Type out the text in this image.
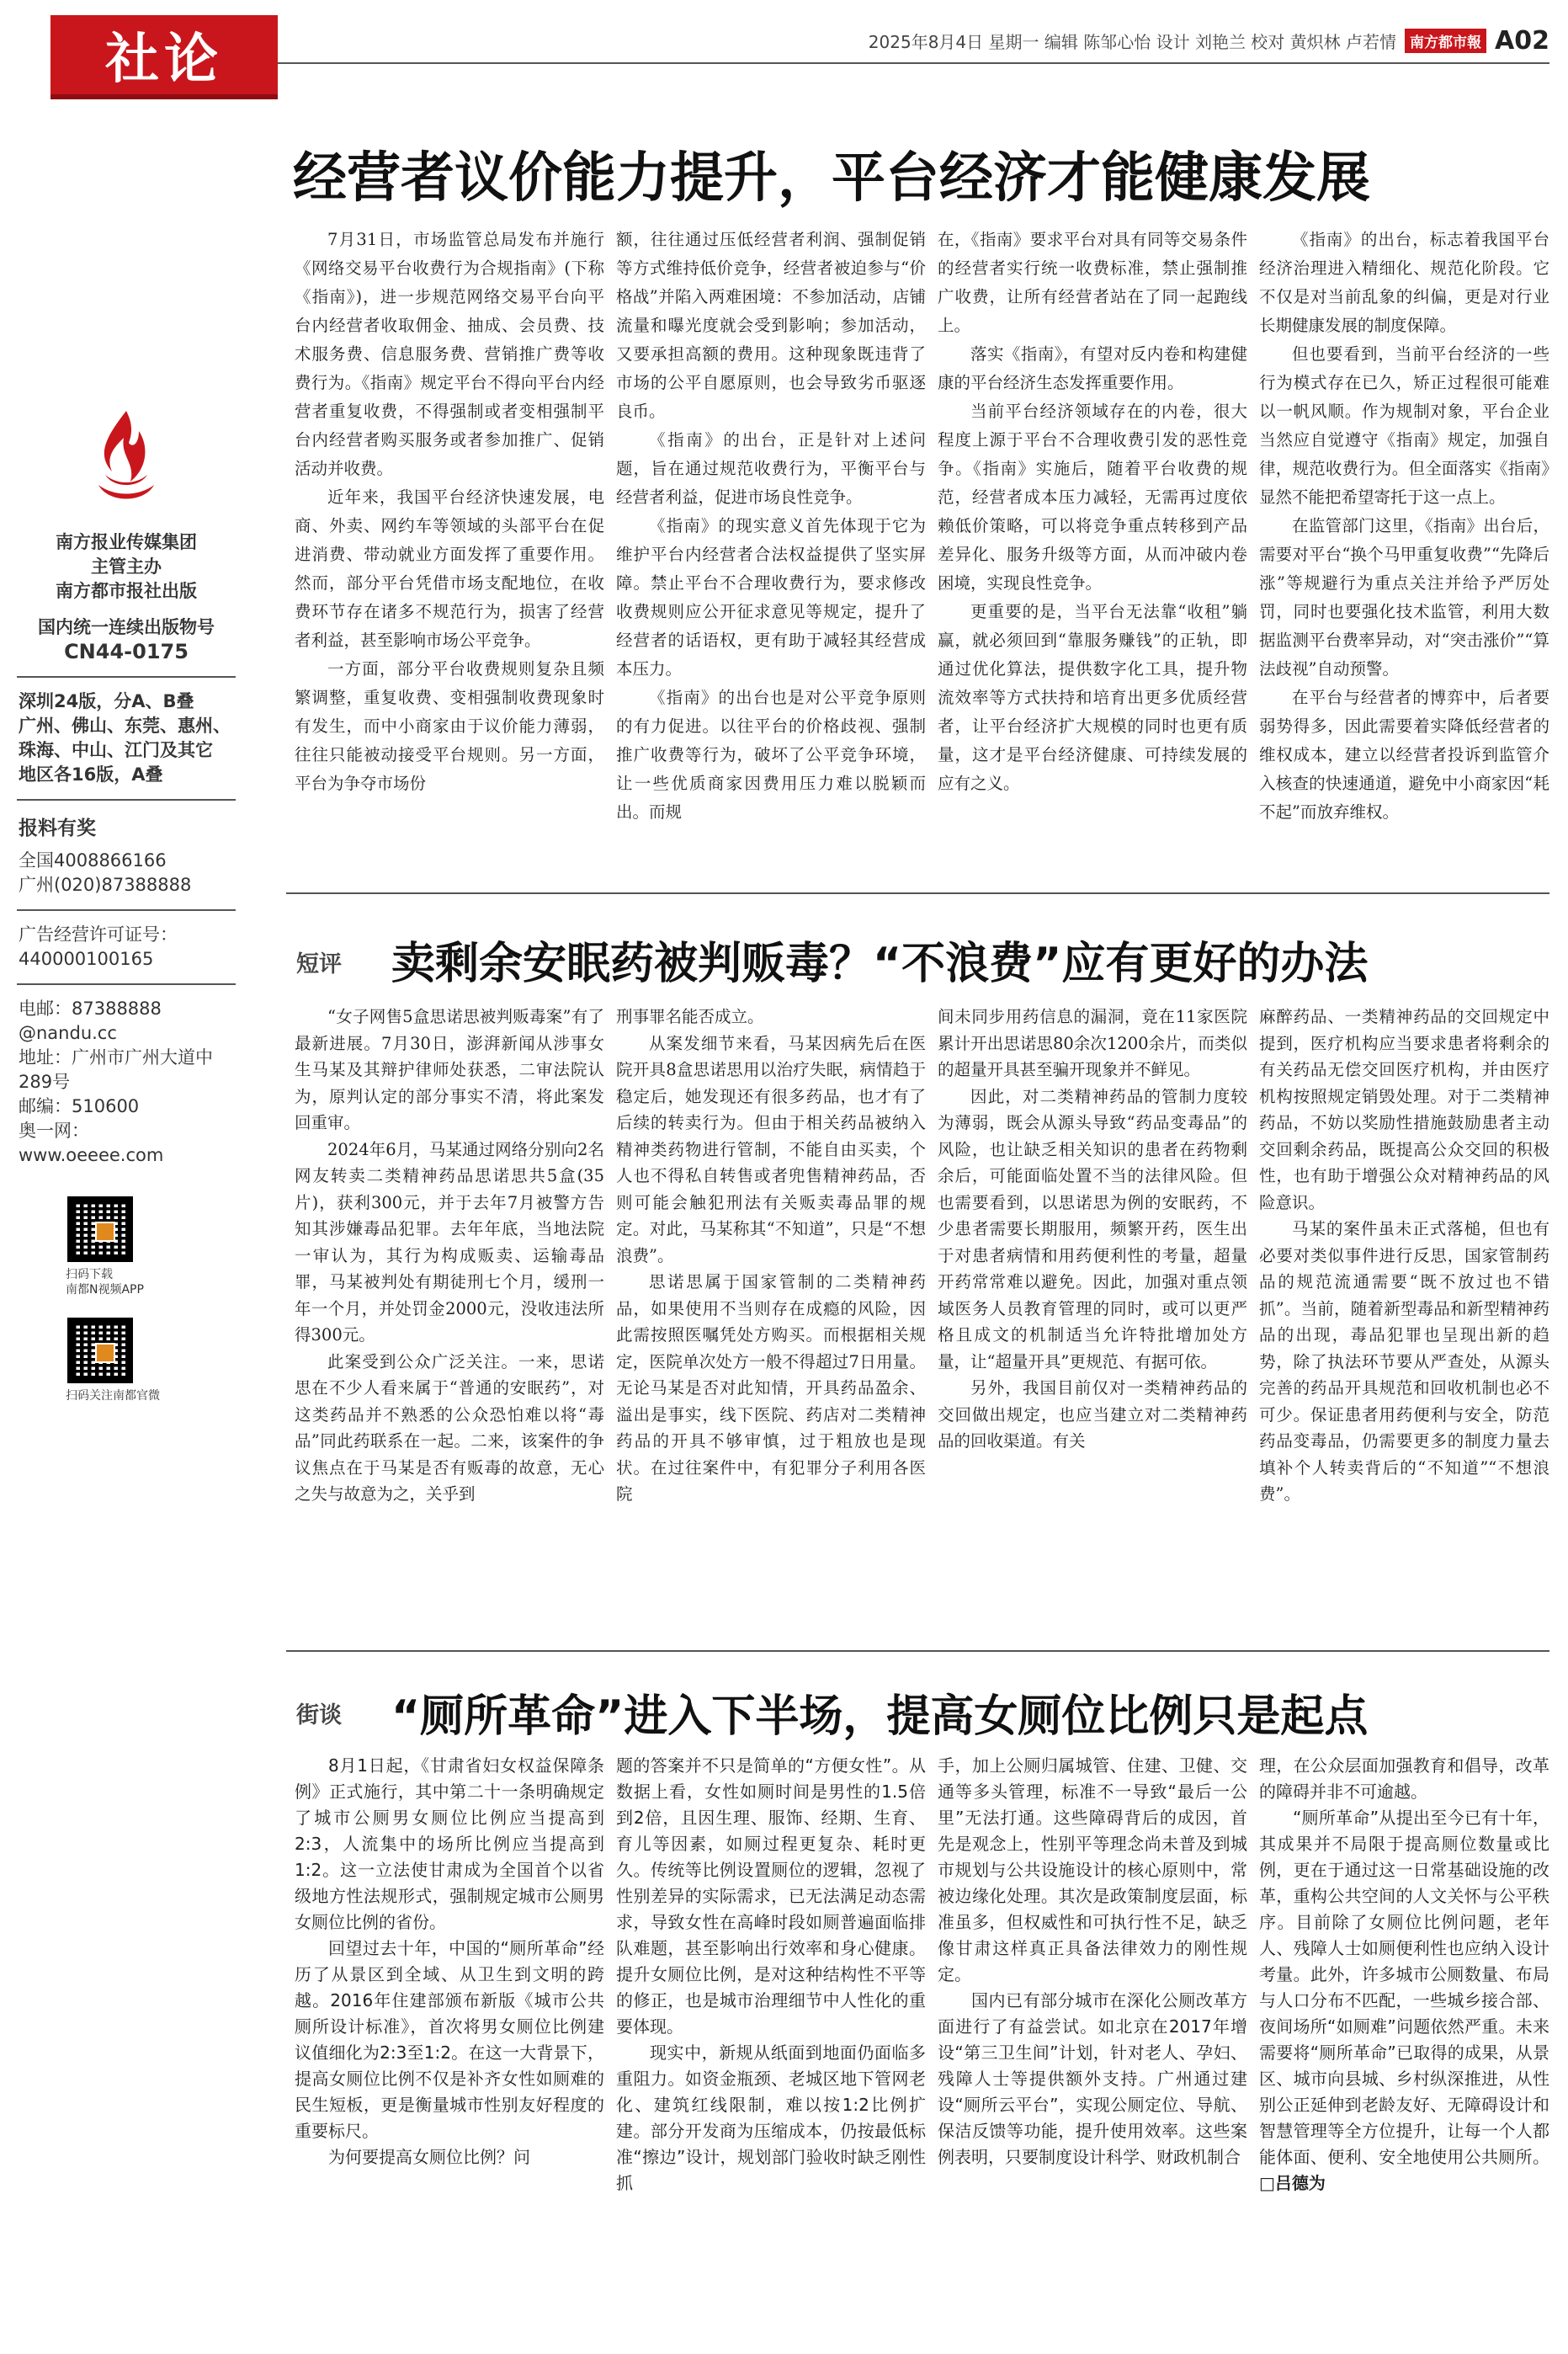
社论	2025年8月4日
星期一
编辑 陈邹心怡 设计 刘艳兰 校对 黄炽林 卢若情 南方都市報 A02
南方报业传媒集团
主管主办
南方都市报社出版
国内统一连续出版物号
CN44-0175
深圳24版，分A、B叠
广州、佛山、东莞、惠州、
珠海、中山、江门及其它
地区各16版，A叠
报料有奖
全国4008866166
广州(020)87388888
广告经营许可证号：
440000100165
电邮：87388888
@nandu.cc
地址：广州市广州大道中
289号
邮编：510600
奥一网：
www.oeeee.com
扫码下载
南都N视频APP
扫码关注南都官微
经营者议价能力提升，平台经济才能健康发展

7月31日，市场监管总局发布并施行《网络交易平台收费行为合规指南》(下称《指南》)，进一步规范网络交易平台向平台内经营者收取佣金、抽成、会员费、技术服务费、信息服务费、营销推广费等收费行为。《指南》规定平台不得向平台内经营者重复收费，不得强制或者变相强制平台内经营者购买服务或者参加推广、促销活动并收费。

近年来，我国平台经济快速发展，电商、外卖、网约车等领域的头部平台在促进消费、带动就业方面发挥了重要作用。然而，部分平台凭借市场支配地位，在收费环节存在诸多不规范行为，损害了经营者利益，甚至影响市场公平竞争。

一方面，部分平台收费规则复杂且频繁调整，重复收费、变相强制收费现象时有发生，而中小商家由于议价能力薄弱，往往只能被动接受平台规则。另一方面，平台为争夺市场份

额，往往通过压低经营者利润、强制促销等方式维持低价竞争，经营者被迫参与“价格战”并陷入两难困境：不参加活动，店铺流量和曝光度就会受到影响；参加活动，又要承担高额的费用。这种现象既违背了市场的公平自愿原则，也会导致劣币驱逐良币。

《指南》的出台，正是针对上述问题，旨在通过规范收费行为，平衡平台与经营者利益，促进市场良性竞争。

《指南》的现实意义首先体现于它为维护平台内经营者合法权益提供了坚实屏障。禁止平台不合理收费行为，要求修改收费规则应公开征求意见等规定，提升了经营者的话语权，更有助于减轻其经营成本压力。

《指南》的出台也是对公平竞争原则的有力促进。以往平台的价格歧视、强制推广收费等行为，破坏了公平竞争环境，让一些优质商家因费用压力难以脱颖而出。而规

在，《指南》要求平台对具有同等交易条件的经营者实行统一收费标准，禁止强制推广收费，让所有经营者站在了同一起跑线上。

落实《指南》，有望对反内卷和构建健康的平台经济生态发挥重要作用。

当前平台经济领域存在的内卷，很大程度上源于平台不合理收费引发的恶性竞争。《指南》实施后，随着平台收费的规范，经营者成本压力减轻，无需再过度依赖低价策略，可以将竞争重点转移到产品差异化、服务升级等方面，从而冲破内卷困境，实现良性竞争。

更重要的是，当平台无法靠“收租”躺赢，就必须回到“靠服务赚钱”的正轨，即通过优化算法，提供数字化工具，提升物流效率等方式扶持和培育出更多优质经营者，让平台经济扩大规模的同时也更有质量，这才是平台经济健康、可持续发展的应有之义。

《指南》的出台，标志着我国平台经济治理进入精细化、规范化阶段。它不仅是对当前乱象的纠偏，更是对行业长期健康发展的制度保障。

但也要看到，当前平台经济的一些行为模式存在已久，矫正过程很可能难以一帆风顺。作为规制对象，平台企业当然应自觉遵守《指南》规定，加强自律，规范收费行为。但全面落实《指南》显然不能把希望寄托于这一点上。

在监管部门这里，《指南》出台后，需要对平台“换个马甲重复收费”“先降后涨”等规避行为重点关注并给予严厉处罚，同时也要强化技术监管，利用大数据监测平台费率异动，对“突击涨价”“算法歧视”自动预警。

在平台与经营者的博弈中，后者要弱势得多，因此需要着实降低经营者的维权成本，建立以经营者投诉到监管介入核查的快速通道，避免中小商家因“耗不起”而放弃维权。

短评 卖剩余安眠药被判贩毒？“不浪费”应有更好的办法

“女子网售5盒思诺思被判贩毒案”有了最新进展。7月30日，澎湃新闻从涉事女生马某及其辩护律师处获悉，二审法院认为，原判认定的部分事实不清，将此案发回重审。

2024年6月，马某通过网络分别向2名网友转卖二类精神药品思诺思共5盒(35片)，获利300元，并于去年7月被警方告知其涉嫌毒品犯罪。去年年底，当地法院一审认为，其行为构成贩卖、运输毒品罪，马某被判处有期徒刑七个月，缓刑一年一个月，并处罚金2000元，没收违法所得300元。

此案受到公众广泛关注。一来，思诺思在不少人看来属于“普通的安眠药”，对这类药品并不熟悉的公众恐怕难以将“毒品”同此药联系在一起。二来，该案件的争议焦点在于马某是否有贩毒的故意，无心之失与故意为之，关乎到

刑事罪名能否成立。

从案发细节来看，马某因病先后在医院开具8盒思诺思用以治疗失眠，病情趋于稳定后，她发现还有很多药品，也才有了后续的转卖行为。但由于相关药品被纳入精神类药物进行管制，不能自由买卖，个人也不得私自转售或者兜售精神药品，否则可能会触犯刑法有关贩卖毒品罪的规定。对此，马某称其“不知道”，只是“不想浪费”。

思诺思属于国家管制的二类精神药品，如果使用不当则存在成瘾的风险，因此需按照医嘱凭处方购买。而根据相关规定，医院单次处方一般不得超过7日用量。无论马某是否对此知情，开具药品盈余、溢出是事实，线下医院、药店对二类精神药品的开具不够审慎，过于粗放也是现状。在过往案件中，有犯罪分子利用各医院

间未同步用药信息的漏洞，竟在11家医院累计开出思诺思80余次1200余片，而类似的超量开具甚至骗开现象并不鲜见。

因此，对二类精神药品的管制力度较为薄弱，既会从源头导致“药品变毒品”的风险，也让缺乏相关知识的患者在药物剩余后，可能面临处置不当的法律风险。但也需要看到，以思诺思为例的安眠药，不少患者需要长期服用，频繁开药，医生出于对患者病情和用药便利性的考量，超量开药常常难以避免。因此，加强对重点领域医务人员教育管理的同时，或可以更严格且成文的机制适当允许特批增加处方量，让“超量开具”更规范、有据可依。

另外，我国目前仅对一类精神药品的交回做出规定，也应当建立对二类精神药品的回收渠道。有关

麻醉药品、一类精神药品的交回规定中提到，医疗机构应当要求患者将剩余的有关药品无偿交回医疗机构，并由医疗机构按照规定销毁处理。对于二类精神药品，不妨以奖励性措施鼓励患者主动交回剩余药品，既提高公众交回的积极性，也有助于增强公众对精神药品的风险意识。

马某的案件虽未正式落槌，但也有必要对类似事件进行反思，国家管制药品的规范流通需要“既不放过也不错抓”。当前，随着新型毒品和新型精神药品的出现，毒品犯罪也呈现出新的趋势，除了执法环节要从严查处，从源头完善的药品开具规范和回收机制也必不可少。保证患者用药便利与安全，防范药品变毒品，仍需要更多的制度力量去填补个人转卖背后的“不知道”“不想浪费”。

街谈 “厕所革命”进入下半场，提高女厕位比例只是起点

8月1日起，《甘肃省妇女权益保障条例》正式施行，其中第二十一条明确规定了城市公厕男女厕位比例应当提高到2:3，人流集中的场所比例应当提高到1:2。这一立法使甘肃成为全国首个以省级地方性法规形式，强制规定城市公厕男女厕位比例的省份。

回望过去十年，中国的“厕所革命”经历了从景区到全域、从卫生到文明的跨越。2016年住建部颁布新版《城市公共厕所设计标准》，首次将男女厕位比例建议值细化为2:3至1:2。在这一大背景下，提高女厕位比例不仅是补齐女性如厕难的民生短板，更是衡量城市性别友好程度的重要标尺。

为何要提高女厕位比例？问

题的答案并不只是简单的“方便女性”。从数据上看，女性如厕时间是男性的1.5倍到2倍，且因生理、服饰、经期、生育、育儿等因素，如厕过程更复杂、耗时更久。传统等比例设置厕位的逻辑，忽视了性别差异的实际需求，已无法满足动态需求，导致女性在高峰时段如厕普遍面临排队难题，甚至影响出行效率和身心健康。提升女厕位比例，是对这种结构性不平等的修正，也是城市治理细节中人性化的重要体现。

现实中，新规从纸面到地面仍面临多重阻力。如资金瓶颈、老城区地下管网老化、建筑红线限制，难以按1:2比例扩建。部分开发商为压缩成本，仍按最低标准“擦边”设计，规划部门验收时缺乏刚性抓

手，加上公厕归属城管、住建、卫健、交通等多头管理，标准不一导致“最后一公里”无法打通。这些障碍背后的成因，首先是观念上，性别平等理念尚未普及到城市规划与公共设施设计的核心原则中，常被边缘化处理。其次是政策制度层面，标准虽多，但权威性和可执行性不足，缺乏像甘肃这样真正具备法律效力的刚性规定。

国内已有部分城市在深化公厕改革方面进行了有益尝试。如北京在2017年增设“第三卫生间”计划，针对老人、孕妇、残障人士等提供额外支持。广州通过建设“厕所云平台”，实现公厕定位、导航、保洁反馈等功能，提升使用效率。这些案例表明，只要制度设计科学、财政机制合

理，在公众层面加强教育和倡导，改革的障碍并非不可逾越。

“厕所革命”从提出至今已有十年，其成果并不局限于提高厕位数量或比例，更在于通过这一日常基础设施的改革，重构公共空间的人文关怀与公平秩序。目前除了女厕位比例问题，老年人、残障人士如厕便利性也应纳入设计考量。此外，许多城市公厕数量、布局与人口分布不匹配，一些城乡接合部、夜间场所“如厕难”问题依然严重。未来需要将“厕所革命”已取得的成果，从景区、城市向县城、乡村纵深推进，从性别公正延伸到老龄友好、无障碍设计和智慧管理等全方位提升，让每一个人都能体面、便利、安全地使用公共厕所。 □吕德为
